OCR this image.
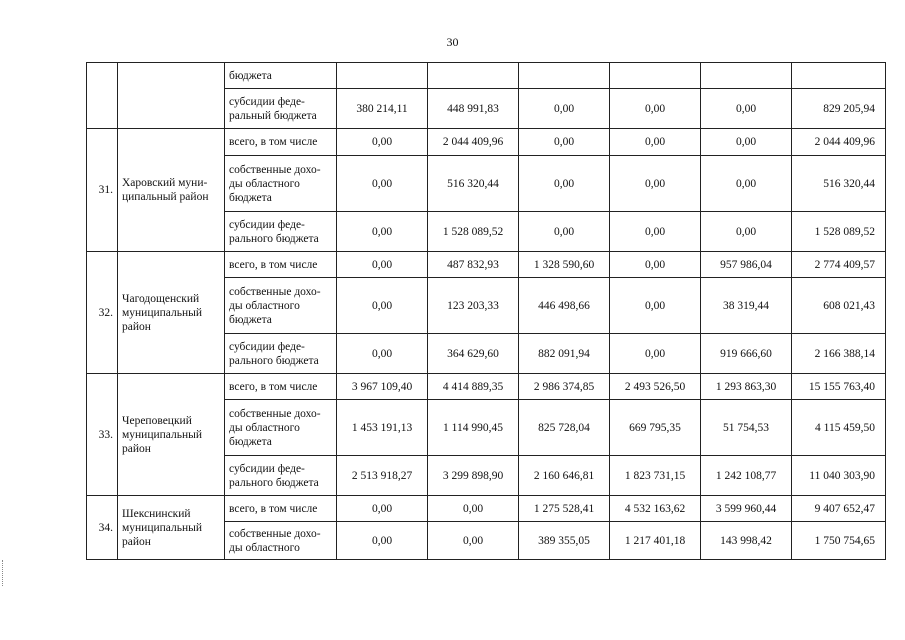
30
		бюджета						
		субсидии феде-ральный бюджета	380 214,11	448 991,83	0,00	0,00	0,00	829 205,94
31.	Харовский муни-ципальный район	всего, в том числе	0,00	2 044 409,96	0,00	0,00	0,00	2 044 409,96
		собственные дохо-ды областного бюджета	0,00	516 320,44	0,00	0,00	0,00	516 320,44
		субсидии феде-рального бюджета	0,00	1 528 089,52	0,00	0,00	0,00	1 528 089,52
32.	Чагодощенский муниципальный район	всего, в том числе	0,00	487 832,93	1 328 590,60	0,00	957 986,04	2 774 409,57
		собственные дохо-ды областного бюджета	0,00	123 203,33	446 498,66	0,00	38 319,44	608 021,43
		субсидии феде-рального бюджета	0,00	364 629,60	882 091,94	0,00	919 666,60	2 166 388,14
33.	Череповецкий муниципальный район	всего, в том числе	3 967 109,40	4 414 889,35	2 986 374,85	2 493 526,50	1 293 863,30	15 155 763,40
		собственные дохо-ды областного бюджета	1 453 191,13	1 114 990,45	825 728,04	669 795,35	51 754,53	4 115 459,50
		субсидии феде-рального бюджета	2 513 918,27	3 299 898,90	2 160 646,81	1 823 731,15	1 242 108,77	11 040 303,90
34.	Шекснинский муниципальный район	всего, в том числе	0,00	0,00	1 275 528,41	4 532 163,62	3 599 960,44	9 407 652,47
		собственные дохо-ды областного	0,00	0,00	389 355,05	1 217 401,18	143 998,42	1 750 754,65
